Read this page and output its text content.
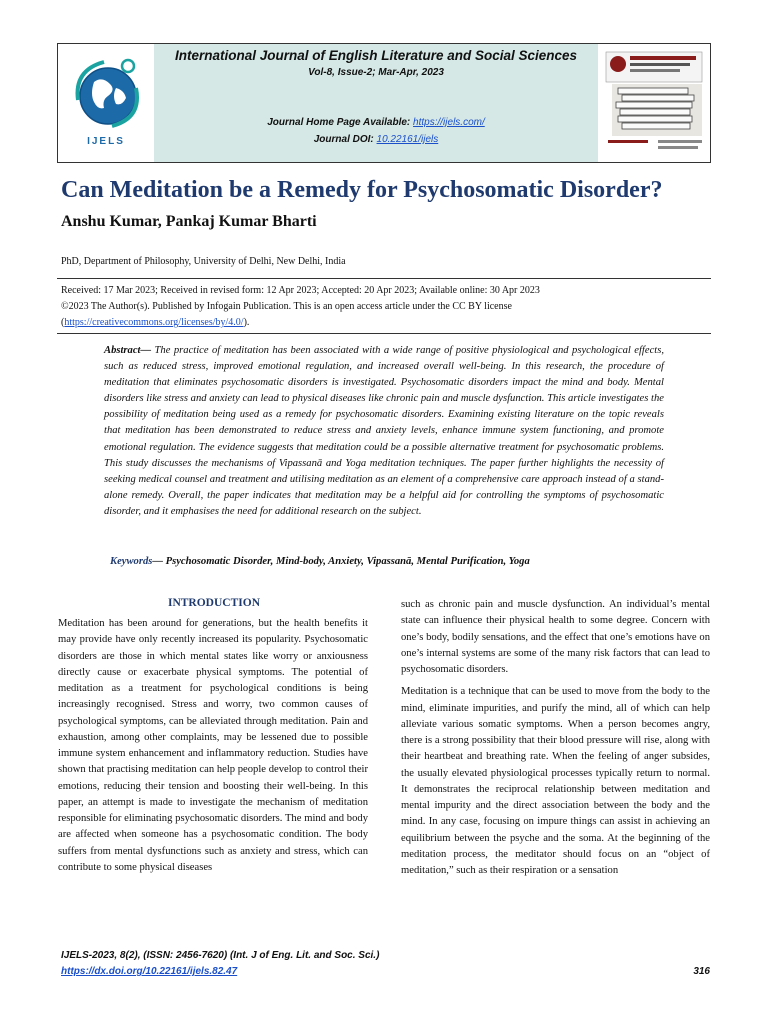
IJELS
International Journal of English Literature and Social Sciences
Vol-8, Issue-2; Mar-Apr, 2023
Journal Home Page Available: https://ijels.com/
Journal DOI: 10.22161/ijels
Can Meditation be a Remedy for Psychosomatic Disorder?
Anshu Kumar, Pankaj Kumar Bharti
PhD, Department of Philosophy, University of Delhi, New Delhi, India
Received: 17 Mar 2023; Received in revised form: 12 Apr 2023; Accepted: 20 Apr 2023; Available online: 30 Apr 2023
©2023 The Author(s). Published by Infogain Publication. This is an open access article under the CC BY license
(https://creativecommons.org/licenses/by/4.0/).
Abstract— The practice of meditation has been associated with a wide range of positive physiological and psychological effects, such as reduced stress, improved emotional regulation, and increased overall well-being. In this research, the procedure of meditation that eliminates psychosomatic disorders is investigated. Psychosomatic disorders impact the mind and body. Mental disorders like stress and anxiety can lead to physical diseases like chronic pain and muscle dysfunction. This article investigates the possibility of meditation being used as a remedy for psychosomatic disorders. Examining existing literature on the topic reveals that meditation has been demonstrated to reduce stress and anxiety levels, enhance immune system functioning, and promote emotional regulation. The evidence suggests that meditation could be a possible alternative treatment for psychosomatic problems. This study discusses the mechanisms of Vipassanā and Yoga meditation techniques. The paper further highlights the necessity of seeking medical counsel and treatment and utilising meditation as an element of a comprehensive care approach instead of a stand-alone remedy. Overall, the paper indicates that meditation may be a helpful aid for controlling the symptoms of psychosomatic disorder, and it emphasises the need for additional research on the subject.
Keywords— Psychosomatic Disorder, Mind-body, Anxiety, Vipassanā, Mental Purification, Yoga
INTRODUCTION

Meditation has been around for generations, but the health benefits it may provide have only recently increased its popularity. Psychosomatic disorders are those in which mental states like worry or anxiousness directly cause or exacerbate physical symptoms. The potential of meditation as a treatment for psychological conditions is being increasingly recognised. Stress and worry, two common causes of psychological symptoms, can be alleviated through meditation. Pain and exhaustion, among other complaints, may be lessened due to possible immune system enhancement and inflammatory reduction. Studies have shown that practising meditation can help people develop to control their emotions, reducing their tension and boosting their well-being. In this paper, an attempt is made to investigate the mechanism of meditation responsible for eliminating psychosomatic disorders. The mind and body are affected when someone has a psychosomatic condition. The body suffers from mental dysfunctions such as anxiety and stress, which can contribute to some physical diseases

such as chronic pain and muscle dysfunction. An individual’s mental state can influence their physical health to some degree. Concern with one’s body, bodily sensations, and the effect that one’s emotions have on one’s internal systems are some of the many risk factors that can lead to psychosomatic disorders.

Meditation is a technique that can be used to move from the body to the mind, eliminate impurities, and purify the mind, all of which can help alleviate various somatic symptoms. When a person becomes angry, there is a strong possibility that their blood pressure will rise, along with their heartbeat and breathing rate. When the feeling of anger subsides, the usually elevated physiological processes typically return to normal. It demonstrates the reciprocal relationship between meditation and mental impurity and the direct association between the body and the mind. In any case, focusing on impure things can assist in achieving an equilibrium between the psyche and the soma. At the beginning of the meditation process, the meditator should focus on an “object of meditation,” such as their respiration or a sensation

IJELS-2023, 8(2), (ISSN: 2456-7620) (Int. J of Eng. Lit. and Soc. Sci.)
https://dx.doi.org/10.22161/ijels.82.47	316
